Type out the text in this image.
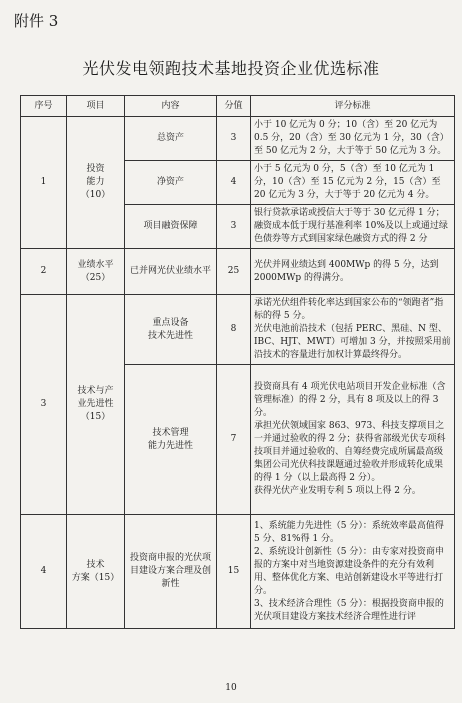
附件 3
光伏发电领跑技术基地投资企业优选标准
序号	项目	内容	分值	评分标准
1	投资
能力
（10）	总资产	3	小于 10 亿元为 0 分；10（含）至 20 亿元为 0.5 分，20（含）至 30 亿元为 1 分，30（含）至 50 亿元为 2 分，大于等于 50 亿元为 3 分。
		净资产	4	小于 5 亿元为 0 分，5（含）至 10 亿元为 1 分，10（含）至 15 亿元为 2 分，15（含）至 20 亿元为 3 分，大于等于 20 亿元为 4 分。
		项目融资保障	3	银行贷款承诺或授信大于等于 30 亿元得 1 分；融资成本低于现行基准利率 10%及以上或通过绿色债券等方式到国家绿色融资方式的得 2 分
2	业绩水平
（25）	已并网光伏业绩水平	25	光伏并网业绩达到 400MWp 的得 5 分，达到 2000MWp 的得满分。
3	技术与产
业先进性
（15）	重点设备
技术先进性	8	承诺光伏组件转化率达到国家公布的“领跑者”指标的得 5 分。
光伏电池前沿技术（包括 PERC、黑硅、N 型、IBC、HJT、MWT）可增加 3 分，并按照采用前沿技术的容量进行加权计算最终得分。
		技术管理
能力先进性	7	投资商具有 4 项光伏电站项目开发企业标准（含管理标准）的得 2 分，具有 8 项及以上的得 3 分。
承担光伏领域国家 863、973、科技支撑项目之一并通过验收的得 2 分；获得省部级光伏专项科技项目并通过验收的、自筹经费完成所属最高级集团公司光伏科技课题通过验收并形成转化成果的得 1 分（以上最高得 2 分）。
获得光伏产业发明专利 5 项以上得 2 分。
4	技术
方案（15）	投资商申报的光伏项目建设方案合理及创新性	15	1、系统能力先进性（5 分）：系统效率最高值得 5 分、81%得 1 分。
2、系统设计创新性（5 分）：由专家对投资商申报的方案中对当地资源建设条件的充分有效利用、整体优化方案、电站创新建设水平等进行打分。
3、技术经济合理性（5 分）：根据投资商申报的光伏项目建设方案技术经济合理性进行评
10
